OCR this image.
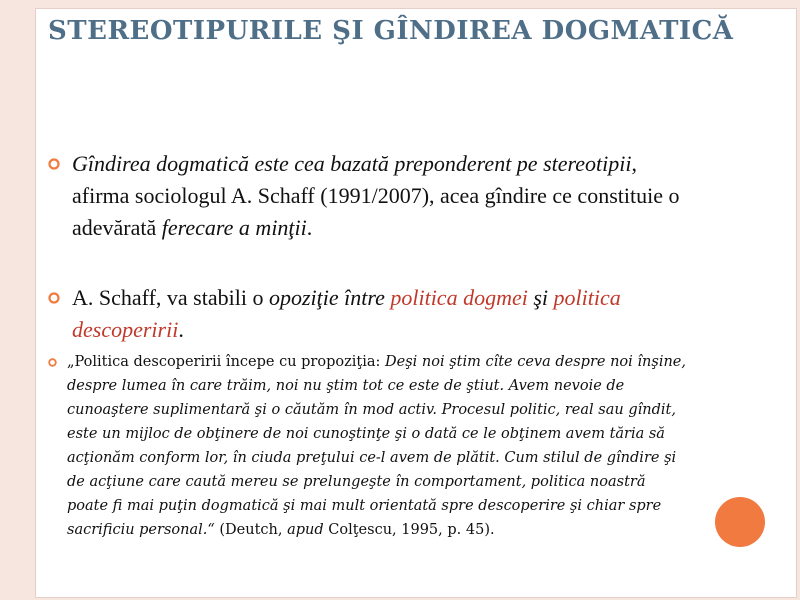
STEREOTIPURILE ŞI GÎNDIREA DOGMATICĂ
Gîndirea dogmatică este cea bazată preponderent pe stereotipii, afirma sociologul A. Schaff (1991/2007), acea gîndire ce constituie o adevărată ferecare a minţii.
A. Schaff, va stabili o opoziţie între politica dogmei şi politica descoperirii.
„Politica descoperirii începe cu propoziţia: Deşi noi ştim cîte ceva despre noi înşine, despre lumea în care trăim, noi nu ştim tot ce este de ştiut. Avem nevoie de cunoaştere suplimentară şi o căutăm în mod activ. Procesul politic, real sau gîndit, este un mijloc de obţinere de noi cunoştinţe şi o dată ce le obţinem avem tăria să acţionăm conform lor, în ciuda preţului ce-l avem de plătit. Cum stilul de gîndire şi de acţiune care caută mereu se prelungeşte în comportament, politica noastră poate fi mai puţin dogmatică şi mai mult orientată spre descoperire şi chiar spre sacrificiu personal.“ (Deutch, apud Colţescu, 1995, p. 45).
